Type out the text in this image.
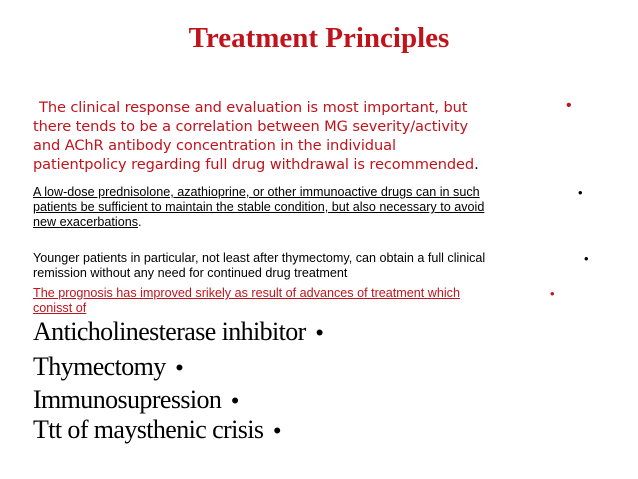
Treatment Principles
The clinical response and evaluation is most important, but
there tends to be a correlation between MG severity/activity
and AChR antibody concentration in the individual
patientpolicy regarding full drug withdrawal is recommended.
•
A low-dose prednisolone, azathioprine, or other immunoactive drugs can in such
patients be sufficient to maintain the stable condition, but also necessary to avoid
new exacerbations.
•
Younger patients in particular, not least after thymectomy, can obtain a full clinical
remission without any need for continued drug treatment
•
The prognosis has improved srikely as result of advances of treatment which
conisst of
•
Anticholinesterase inhibitor •
Thymectomy •
Immunosupression •
Ttt of maysthenic crisis •
